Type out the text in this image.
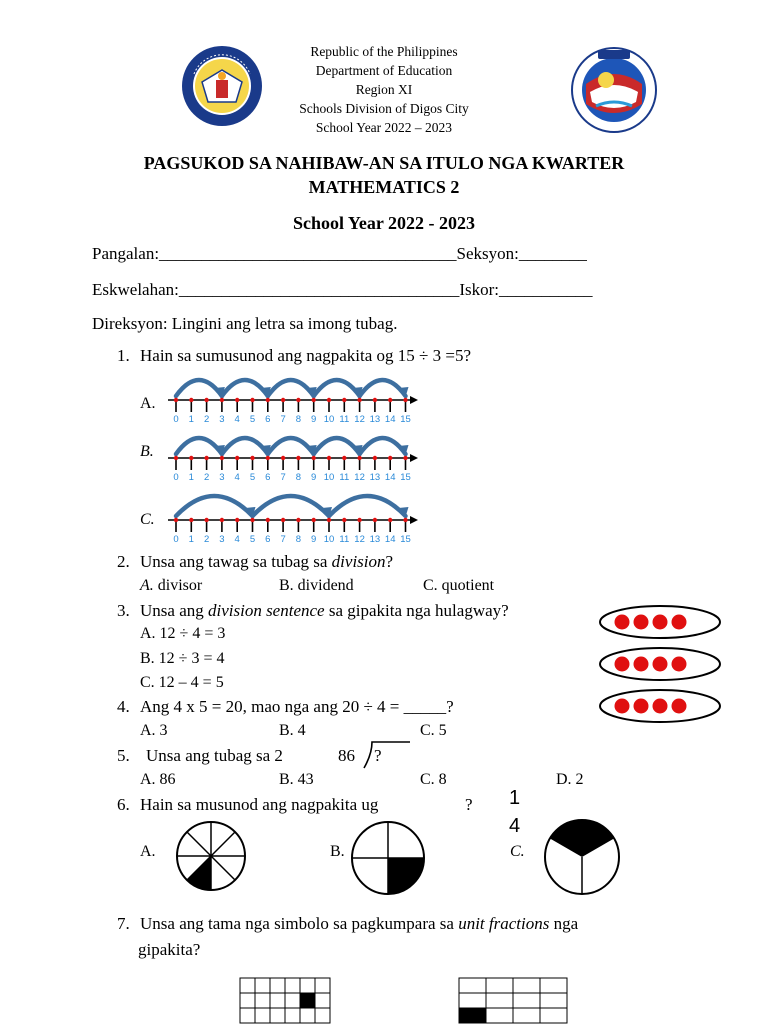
Republic of the Philippines
Department of Education
Region XI
Schools Division of Digos City
School Year 2022 – 2023
PAGSUKOD SA NAHIBAW-AN SA ITULO NGA KWARTER
MATHEMATICS 2
School Year 2022 - 2023
Pangalan:___________________________________Seksyon:________
Eskwelahan:_________________________________Iskor:___________
Direksyon: Lingini ang letra sa imong tubag.
1. Hain sa sumusunod ang nagpakita og 15 ÷ 3 =5?
A.
B.
C.
0 1 2 3 4 5 6 7 8 9 10 11 12 13 14 15
0 1 2 3 4 5 6 7 8 9 10 11 12 13 14 15
0 1 2 3 4 5 6 7 8 9 10 11 12 13 14 15
2. Unsa ang tawag sa tubag sa division?
A. divisor	B. dividend	C. quotient
3. Unsa ang division sentence sa gipakita nga hulagway?
A. 12 ÷ 4 = 3
B. 12 ÷ 3 = 4
C. 12 – 4 = 5
4. Ang 4 x 5 = 20, mao nga ang 20 ÷ 4 = _____?
A. 3	B. 4	C. 5
5. Unsa ang tubag sa 2	86 ?
A. 86	B. 43	C. 8	D. 2
6. Hain sa musunod ang nagpakita ug	? 1
4
A.	B.	C.
7. Unsa ang tama nga simbolo sa pagkumpara sa unit fractions nga
gipakita?
